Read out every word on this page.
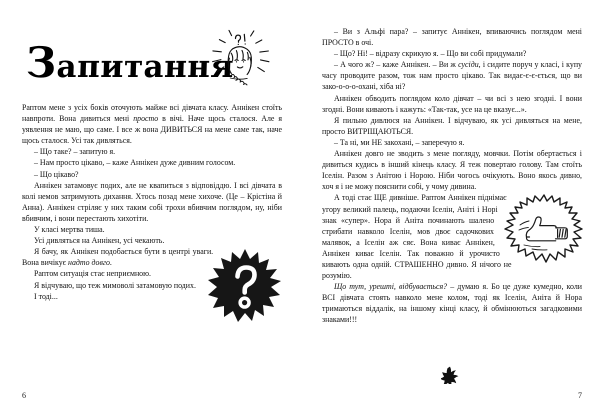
Запитання

Раптом мене з усіх боків оточують майже всі дівчата класу. Аннікен стоїть навпроти. Вона дивиться мені просто в вічі. Наче щось сталося. Але я уявлення не маю, що саме. І все ж вона ДИВИТЬСЯ на мене саме так, наче щось сталося. Усі так дивляться.

– Що таке? – запитую я.

– Нам просто цікаво, – каже Аннікен дуже дивним голосом.

– Що цікаво?

Аннікен затамовує подих, але не квапиться з відповіддю. І всі дівчата в колі немов затримують дихання. Хтось позад мене хихоче. (Це – Крістіна й Анна). Аннікен стріляє у них таким собі трохи вбивчим поглядом, ну, ніби вбивчим, і вони перестають хихотіти.

У класі мертва тиша.

Усі дивляться на Аннікен, усі чекають.

Я бачу, як Аннікен подобається бути в центрі уваги. Вона вичікує надто довго.

Раптом ситуація стає неприємною.

Я відчуваю, що теж мимоволі затамовую подих.

І тоді...

6

– Ви з Альфі пара? – запитує Аннікен, впиваючись поглядом мені ПРОСТО в очі.

– Що? Ні! – відразу скрикую я. – Що ви собі придумали?

– А чого ж? – каже Аннікен. – Ви ж сусіди, і сидите поруч у класі, і купу часу проводите разом, тож нам просто цікаво. Так видає-є-є-ється, що ви зако-о-о-о-охані, хіба ні?

Аннікен обводить поглядом коло дівчат – чи всі з нею згодні. І вони згодні. Вони кивають і кажуть: «Так-так, усе на це вказує...».

Я пильно дивлюся на Аннікен. І відчуваю, як усі дивляться на мене, просто ВИТРІЩАЮТЬСЯ.

– Та ні, ми НЕ закохані, – заперечую я.

Аннікен довго не зводить з мене погляду, мовчки. Потім обертається і дивиться кудись в інший кінець класу. Я теж повертаю голову. Там стоїть Іселін. Разом з Анітою і Норою. Ніби чогось очікують. Воно якось дивно, хоч я і не можу пояснити собі, у чому дивина.

А тоді стає ЩЕ дивніше. Раптом Аннікен піднімає угору великий палець, подаючи Іселін, Аніті і Норі знак «супер». Нора й Аніта починають шалено стрибати навколо Іселін, мов двоє садочкових малявок, а Іселін аж сяє. Вона киває Аннікен, Аннікен киває Іселін. Так поважно й урочисто кивають одна одній. СТРАШЕННО дивно. Я нічого не розумію.

Що тут, урешті, відбувається? – думаю я. Бо це дуже кумедно, коли ВСІ дівчата стоять навколо мене колом, тоді як Іселін, Аніта й Нора тримаються віддалік, на іншому кінці класу, й обмінюються загадковими знаками!!!

7
